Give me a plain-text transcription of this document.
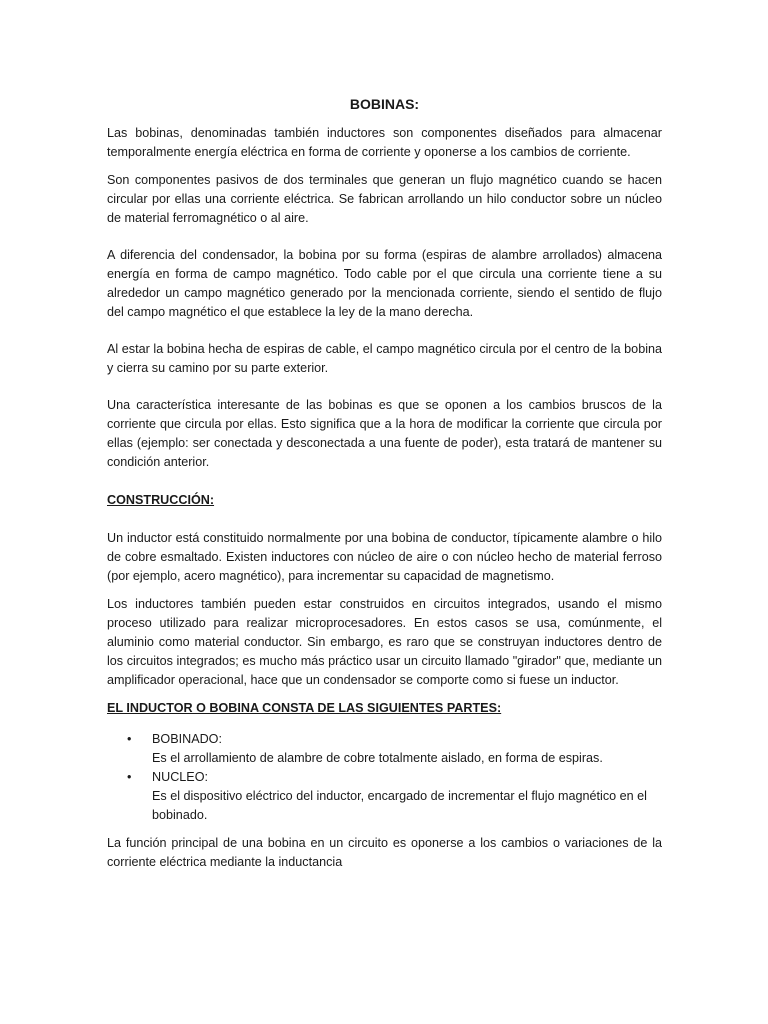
BOBINAS:

Las bobinas, denominadas también inductores son componentes diseñados para almacenar temporalmente energía eléctrica en forma de corriente y oponerse a los cambios de corriente.

Son componentes pasivos de dos terminales que generan un flujo magnético cuando se hacen circular por ellas una corriente eléctrica. Se fabrican arrollando un hilo conductor sobre un núcleo de material ferromagnético o al aire.

A diferencia del condensador, la bobina por su forma (espiras de alambre arrollados) almacena energía en forma de campo magnético. Todo cable por el que circula una corriente tiene a su alrededor un campo magnético generado por la mencionada corriente, siendo el sentido de flujo del campo magnético el que establece la ley de la mano derecha.

Al estar la bobina hecha de espiras de cable, el campo magnético circula por el centro de la bobina y cierra su camino por su parte exterior.

Una característica interesante de las bobinas es que se oponen a los cambios bruscos de la corriente que circula por ellas. Esto significa que a la hora de modificar la corriente que circula por ellas (ejemplo: ser conectada y desconectada a una fuente de poder), esta tratará de mantener su condición anterior.

CONSTRUCCIÓN:

Un inductor está constituido normalmente por una bobina de conductor, típicamente alambre o hilo de cobre esmaltado. Existen inductores con núcleo de aire o con núcleo hecho de material ferroso (por ejemplo, acero magnético), para incrementar su capacidad de magnetismo.

Los inductores también pueden estar construidos en circuitos integrados, usando el mismo proceso utilizado para realizar microprocesadores. En estos casos se usa, comúnmente, el aluminio como material conductor. Sin embargo, es raro que se construyan inductores dentro de los circuitos integrados; es mucho más práctico usar un circuito llamado "girador" que, mediante un amplificador operacional, hace que un condensador se comporte como si fuese un inductor.

EL INDUCTOR O BOBINA CONSTA DE LAS SIGUIENTES PARTES:
• BOBINADO:
Es el arrollamiento de alambre de cobre totalmente aislado, en forma de espiras.
• NUCLEO:
Es el dispositivo eléctrico del inductor, encargado de incrementar el flujo magnético en el bobinado.

La función principal de una bobina en un circuito es oponerse a los cambios o variaciones de la corriente eléctrica mediante la inductancia
